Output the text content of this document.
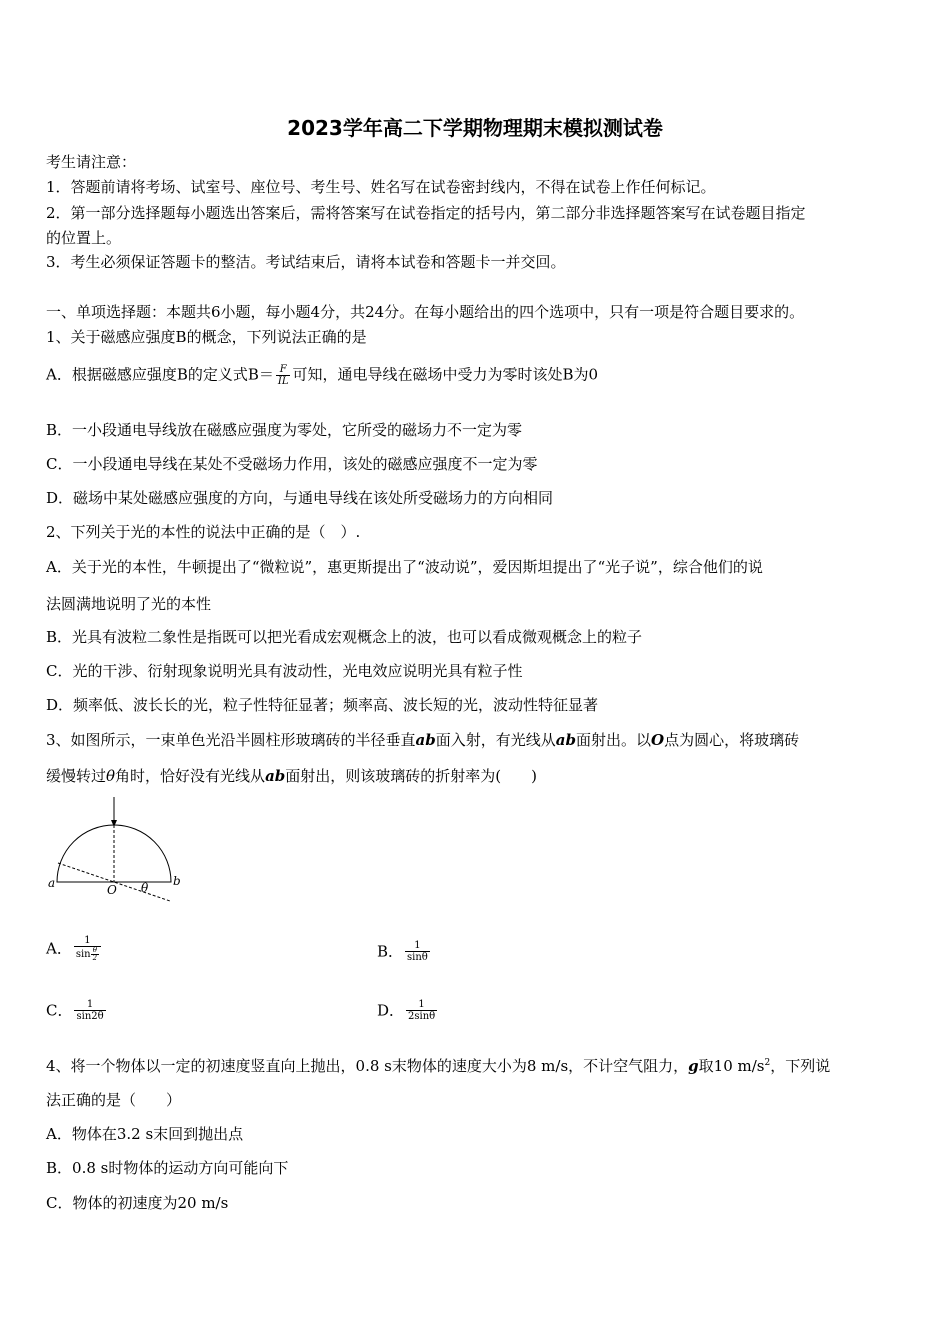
2023学年高二下学期物理期末模拟测试卷
考生请注意：
1．答题前请将考场、试室号、座位号、考生号、姓名写在试卷密封线内，不得在试卷上作任何标记。
2．第一部分选择题每小题选出答案后，需将答案写在试卷指定的括号内，第二部分非选择题答案写在试卷题目指定
的位置上。
3．考生必须保证答题卡的整洁。考试结束后，请将本试卷和答题卡一并交回。
一、单项选择题：本题共6小题，每小题4分，共24分。在每小题给出的四个选项中，只有一项是符合题目要求的。
1、关于磁感应强度B的概念，下列说法正确的是
A．根据磁感应强度B的定义式$B= \frac{F}{IL}$ 可知，通电导线在磁场中受力为零时该处B为0
B．一小段通电导线放在磁感应强度为零处，它所受的磁场力不一定为零
C．一小段通电导线在某处不受磁场力作用，该处的磁感应强度不一定为零
D．磁场中某处磁感应强度的方向，与通电导线在该处所受磁场力的方向相同
2、下列关于光的本性的说法中正确的是（　）.
A．关于光的本性，牛顿提出了“微粒说”，惠更斯提出了“波动说”，爱因斯坦提出了“光子说”，综合他们的说
法圆满地说明了光的本性
B．光具有波粒二象性是指既可以把光看成宏观概念上的波，也可以看成微观概念上的粒子
C．光的干涉、衍射现象说明光具有波动性，光电效应说明光具有粒子性
D．频率低、波长长的光，粒子性特征显著；频率高、波长短的光，波动性特征显著
3、如图所示，一束单色光沿半圆柱形玻璃砖的半径垂直ab面入射，有光线从ab面射出。以O点为圆心，将玻璃砖
缓慢转过θ角时，恰好没有光线从ab面射出，则该玻璃砖的折射率为(　　)
a	O θ b
A． $\frac{1}{\sin \frac{\theta}{2}}$	B． $\frac{1}{\sin\theta}$
C． $\frac{1}{\sin 2\theta}$	D． $\frac{1}{2\sin\theta}$
4、将一个物体以一定的初速度竖直向上抛出，0.8 s末物体的速度大小为8 m/s，不计空气阻力，g取10 $m/s^2$，下列说
法正确的是（　　）
A．物体在3.2 s末回到抛出点
B．0.8 s时物体的运动方向可能向下
C．物体的初速度为20 m/s
